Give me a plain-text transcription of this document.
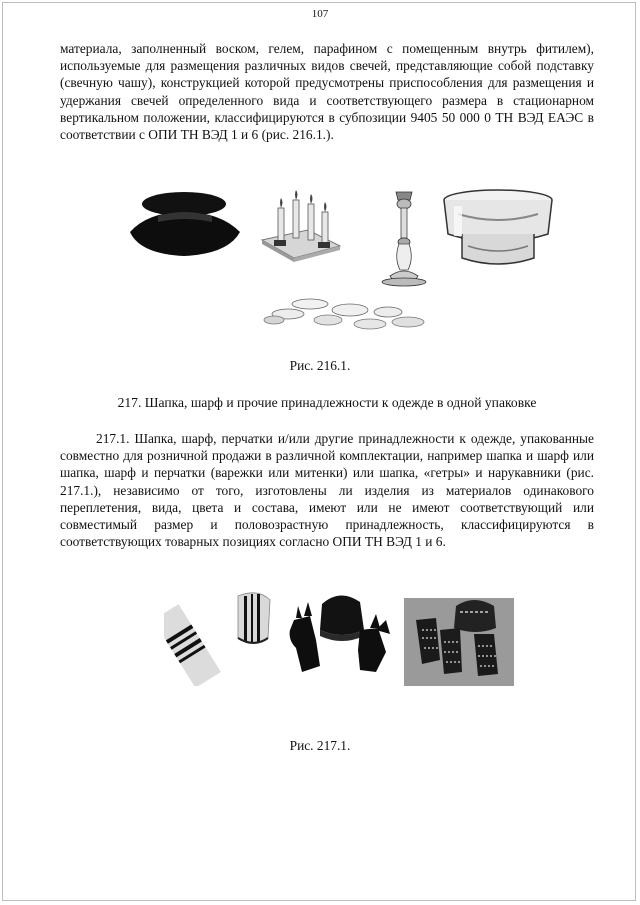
107

материала, заполненный воском, гелем, парафином с помещенным внутрь фитилем), используемые для размещения различных видов свечей, представляющие собой подставку (свечную чашу), конструкцией которой предусмотрены приспособления для размещения и удержания свечей определенного вида и соответствующего размера в стационарном вертикальном положении, классифицируются в субпозиции 9405 50 000 0 ТН ВЭД ЕАЭС в соответствии с ОПИ ТН ВЭД 1 и 6 (рис. 216.1.).

Рис. 216.1.
217. Шапка, шарф и прочие принадлежности к одежде в одной упаковке

217.1. Шапка, шарф, перчатки и/или другие принадлежности к одежде, упакованные совместно для розничной продажи в различной комплектации, например шапка и шарф или шапка, шарф и перчатки (варежки или митенки) или шапка, «гетры» и нарукавники (рис. 217.1.), независимо от того, изготовлены ли изделия из материалов одинакового переплетения, вида, цвета и состава, имеют или не имеют соответствующий или совместимый размер и половозрастную принадлежность, классифицируются в соответствующих товарных позициях согласно ОПИ ТН ВЭД 1 и 6.

Рис. 217.1.
